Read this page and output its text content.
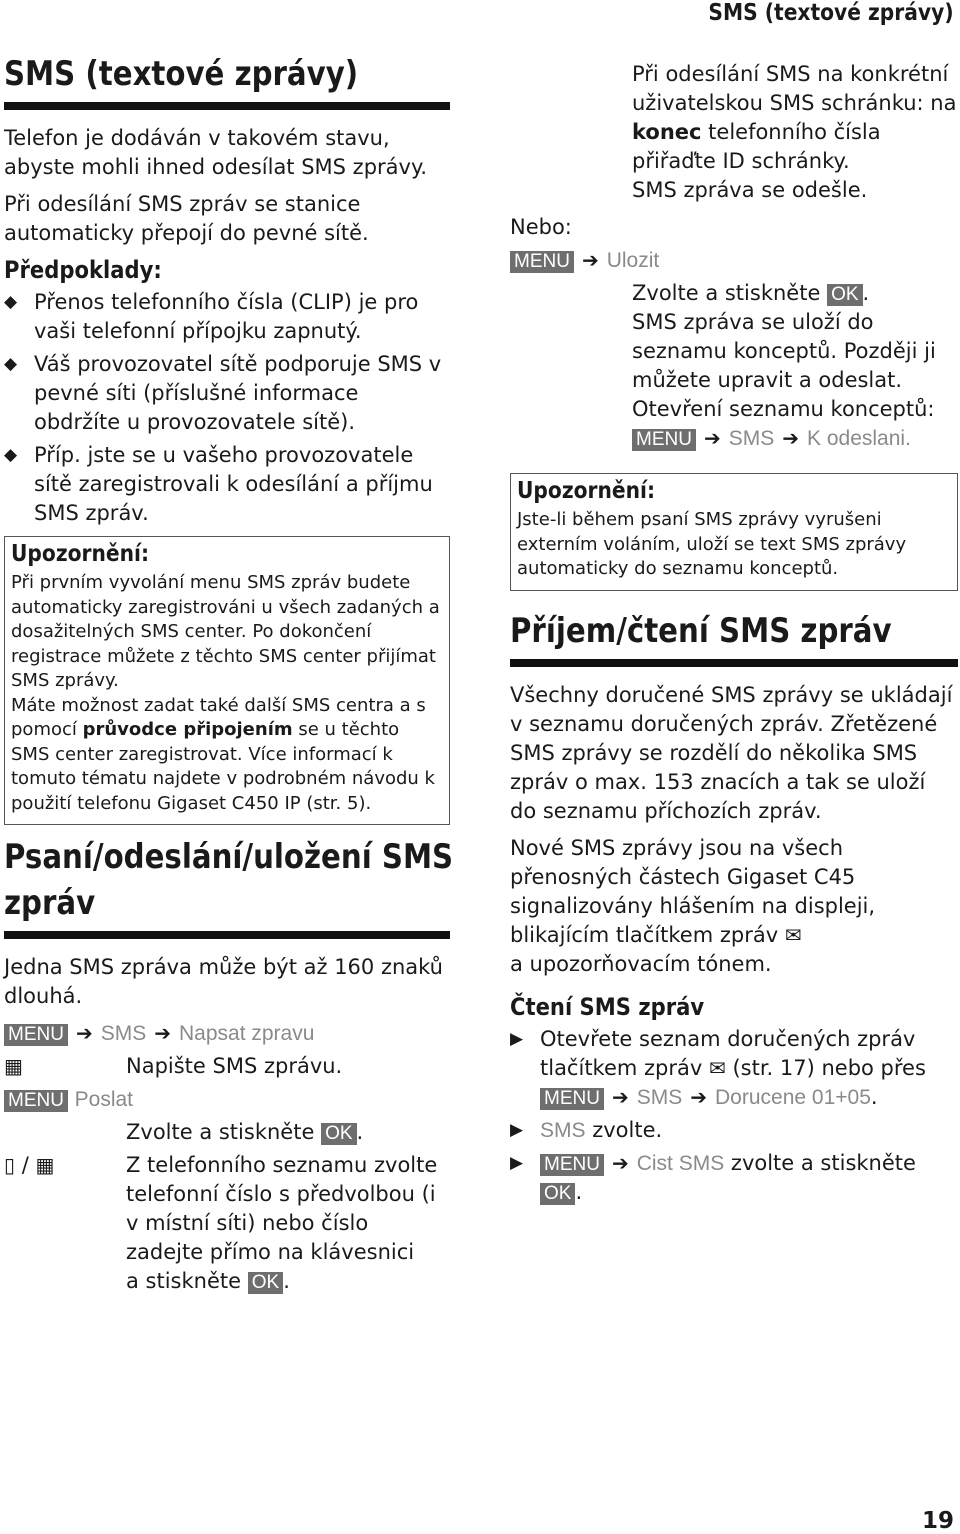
SMS (textové zprávy)
SMS (textové zprávy)

Telefon je dodáván v takovém stavu, abyste mohli ihned odesílat SMS zprávy.

Při odesílání SMS zpráv se stanice automaticky přepojí do pevné sítě.

Předpoklady:
◆ Přenos telefonního čísla (CLIP) je pro vaši telefonní přípojku zapnutý.
◆ Váš provozovatel sítě podporuje SMS v pevné síti (příslušné informace obdržíte u provozovatele sítě).
◆ Příp. jste se u vašeho provozovatele sítě zaregistrovali k odesílání a příjmu SMS zpráv.
Upozornění:

Při prvním vyvolání menu SMS zpráv budete automaticky zaregistrováni u všech zadaných a dosažitelných SMS center. Po dokončení registrace můžete z těchto SMS center přijímat SMS zprávy.

Máte možnost zadat také další SMS centra a s pomocí průvodce připojením se u těchto SMS center zaregistrovat. Více informací k tomuto tématu najdete v podrobném návodu k použití telefonu Gigaset C450 IP (str. 5).

Psaní/odeslání/uložení SMS
zpráv

Jedna SMS zpráva může být až 160 znaků dlouhá.

MENU ➔ SMS ➔ Napsat zpravu
▦	Napište SMS zprávu.
MENU Poslat
Zvolte a stiskněte OK .
▯ / ▦	Z telefonního seznamu zvolte telefonní číslo s předvolbou (i v místní síti) nebo číslo zadejte přímo na klávesnici
a stiskněte OK .
Při odesílání SMS na konkrétní uživatelskou SMS schránku: na konec telefonního čísla přiřaďte ID schránky.
SMS zpráva se odešle.

Nebo:

MENU ➔ Ulozit
Zvolte a stiskněte OK .
SMS zpráva se uloží do seznamu konceptů. Později ji můžete upravit a odeslat.
Otevření seznamu konceptů:
MENU ➔ SMS ➔ K odeslani.
Upozornění:

Jste-li během psaní SMS zprávy vyrušeni externím voláním, uloží se text SMS zprávy automaticky do seznamu konceptů.

Příjem/čtení SMS zpráv

Všechny doručené SMS zprávy se ukládají v seznamu doručených zpráv. Zřetězené SMS zprávy se rozdělí do několika SMS zpráv o max. 153 znacích a tak se uloží do seznamu příchozích zpráv.

Nové SMS zprávy jsou na všech přenosných částech Gigaset C45 signalizovány hlášením na displeji, blikajícím tlačítkem zpráv ✉
a upozorňovacím tónem.

Čtení SMS zpráv
▶ Otevřete seznam doručených zpráv tlačítkem zpráv ✉ (str. 17) nebo přes
MENU ➔ SMS ➔ Dorucene 01+05.
▶ SMS zvolte.
▶ MENU ➔ Cist SMS zvolte a stiskněte
OK .
19
